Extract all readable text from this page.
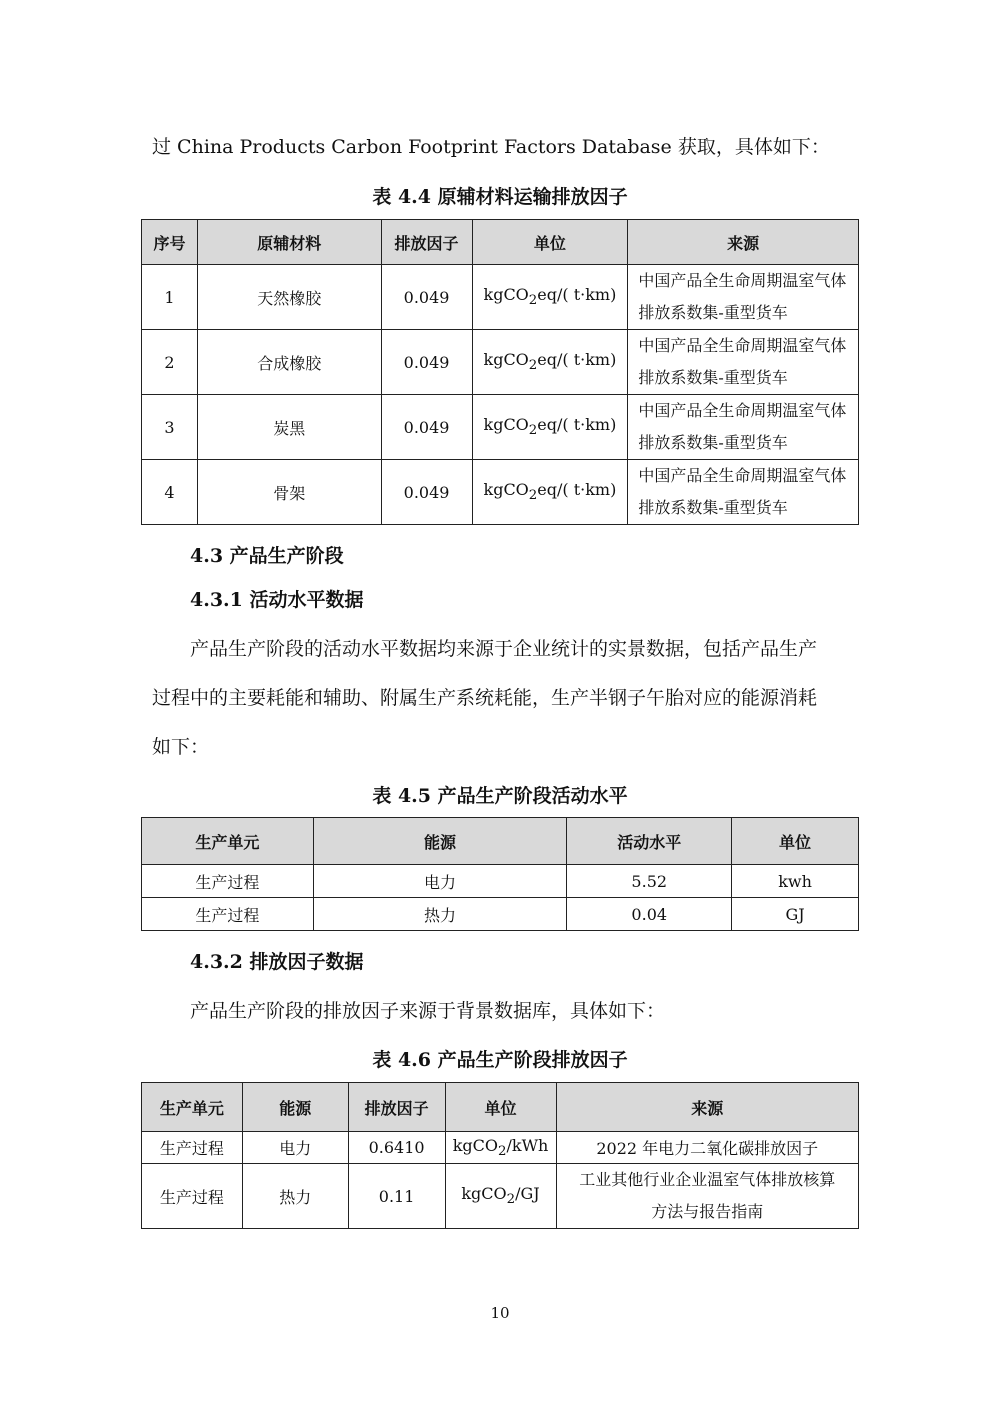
过 China Products Carbon Footprint Factors Database 获取，具体如下：
表 4.4 原辅材料运输排放因子
序号	原辅材料	排放因子	单位	来源
1	天然橡胶	0.049	kgCO$_2$eq/( t·km)	中国产品全生命周期温室气体
排放系数集-重型货车

2	合成橡胶	0.049	kgCO$_2$eq/( t·km)	中国产品全生命周期温室气体
排放系数集-重型货车

3	炭黑	0.049	kgCO$_2$eq/( t·km)	中国产品全生命周期温室气体
排放系数集-重型货车

4	骨架	0.049	kgCO$_2$eq/( t·km)	中国产品全生命周期温室气体
排放系数集-重型货车
4.3 产品生产阶段
4.3.1 活动水平数据
产品生产阶段的活动水平数据均来源于企业统计的实景数据，包括产品生产
过程中的主要耗能和辅助、附属生产系统耗能，生产半钢子午胎对应的能源消耗
如下：
表 4.5 产品生产阶段活动水平
生产单元	能源	活动水平	单位
生产过程	电力	5.52	kwh
生产过程	热力	0.04	GJ
4.3.2 排放因子数据
产品生产阶段的排放因子来源于背景数据库，具体如下：
表 4.6 产品生产阶段排放因子
生产单元	能源	排放因子	单位	来源
生产过程	电力	0.6410	kgCO$_2$/kWh	2022 年电力二氧化碳排放因子
生产过程	热力	0.11	kgCO$_2$/GJ	工业其他行业企业温室气体排放核算
方法与报告指南
10
